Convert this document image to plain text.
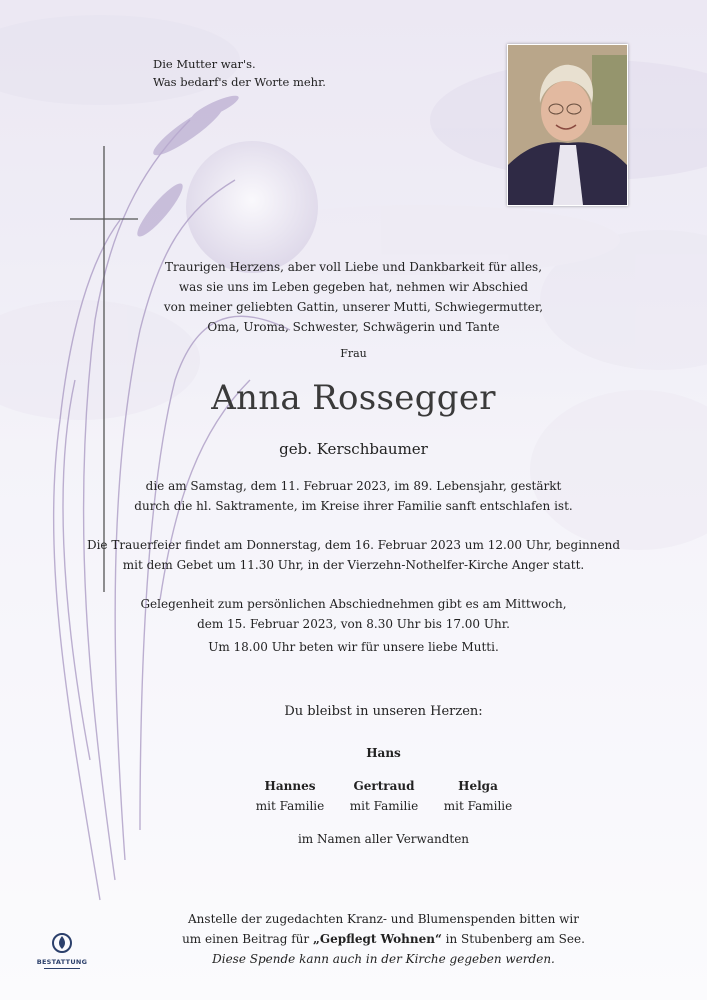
Die Mutter war's.
Was bedarf's der Worte mehr.
Traurigen Herzens, aber voll Liebe und Dankbarkeit für alles,
was sie uns im Leben gegeben hat, nehmen wir Abschied
von meiner geliebten Gattin, unserer Mutti, Schwiegermutter,
Oma, Uroma, Schwester, Schwägerin und Tante
Frau
Anna Rossegger
geb. Kerschbaumer
die am Samstag, dem 11. Februar 2023, im 89. Lebensjahr, gestärkt
durch die hl. Saktramente, im Kreise ihrer Familie sanft entschlafen ist.
Die Trauerfeier findet am Donnerstag, dem 16. Februar 2023 um 12.00 Uhr, beginnend
mit dem Gebet um 11.30 Uhr, in der Vierzehn-Nothelfer-Kirche Anger statt.
Gelegenheit zum persönlichen Abschiednehmen gibt es am Mittwoch,
dem 15. Februar 2023, von 8.30 Uhr bis 17.00 Uhr.
Um 18.00 Uhr beten wir für unsere liebe Mutti.
Du bleibst in unseren Herzen:
Hans
Hannes
mit Familie
Gertraud
mit Familie
Helga
mit Familie
im Namen aller Verwandten
Anstelle der zugedachten Kranz- und Blumenspenden bitten wir
um einen Beitrag für „Gepflegt Wohnen“ in Stubenberg am See.
Diese Spende kann auch in der Kirche gegeben werden.
BESTATTUNG
